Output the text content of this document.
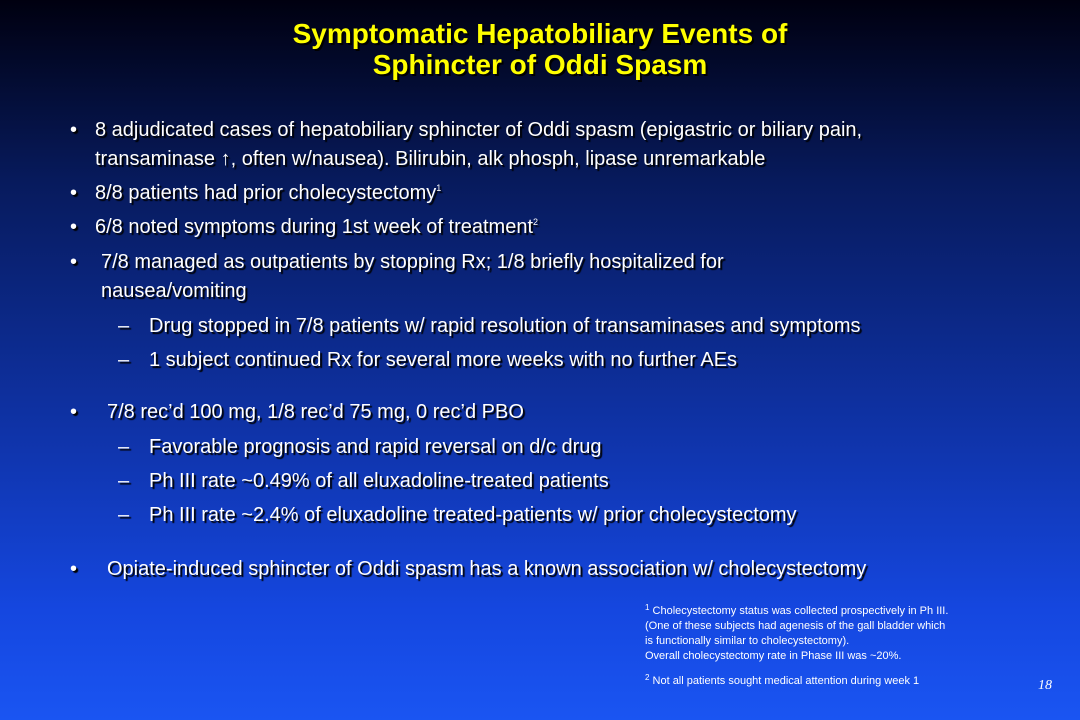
Symptomatic Hepatobiliary Events of
Sphincter of Oddi Spasm
• 8 adjudicated cases of hepatobiliary sphincter of Oddi spasm (epigastric or biliary pain,
transaminase ↑, often w/nausea). Bilirubin, alk phosph, lipase unremarkable
• 8/8 patients had prior cholecystectomy$^1$
• 6/8 noted symptoms during 1st week of treatment$^2$
•	7/8 managed as outpatients by stopping Rx; 1/8 briefly hospitalized for
nausea/vomiting
– Drug stopped in 7/8 patients w/ rapid resolution of transaminases and symptoms
– 1 subject continued Rx for several more weeks with no further AEs
•	7/8 rec’d 100 mg, 1/8 rec’d 75 mg, 0 rec’d PBO
– Favorable prognosis and rapid reversal on d/c drug
– Ph III rate ~0.49% of all eluxadoline-treated patients
– Ph III rate ~2.4% of eluxadoline treated-patients w/ prior cholecystectomy
•	Opiate-induced sphincter of Oddi spasm has a known association w/ cholecystectomy

$^1$ Cholecystectomy status was collected prospectively in Ph III.

(One of these subjects had agenesis of the gall bladder which

is functionally similar to cholecystectomy).

Overall cholecystectomy rate in Phase III was ~20%.

$^2$ Not all patients sought medical attention during week 1	18
